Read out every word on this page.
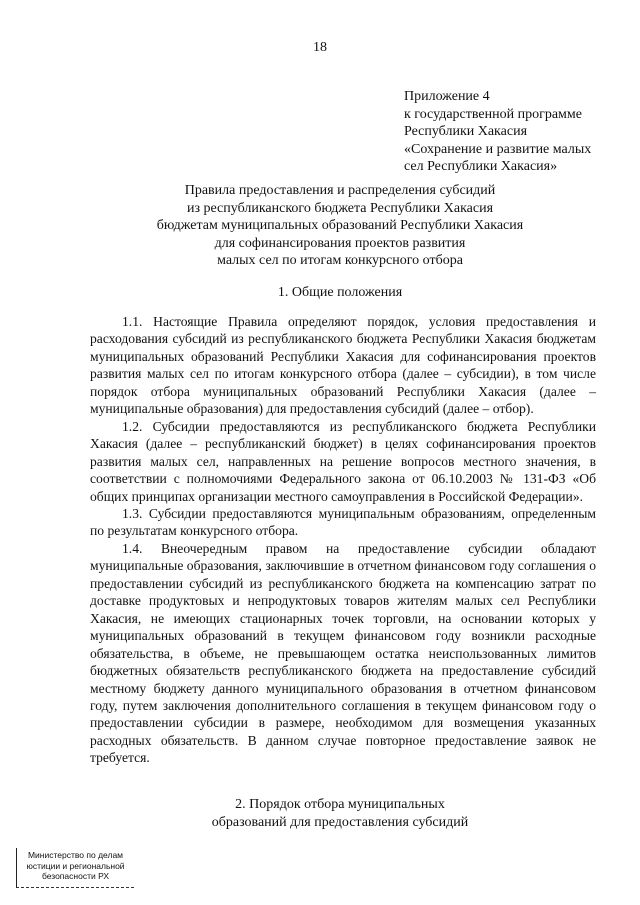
18
Приложение 4
к государственной программе
Республики Хакасия
«Сохранение и развитие малых
сел Республики Хакасия»
Правила предоставления и распределения субсидий
из республиканского бюджета Республики Хакасия
бюджетам муниципальных образований Республики Хакасия
для софинансирования проектов развития
малых сел по итогам конкурсного отбора
1. Общие положения

1.1. Настоящие Правила определяют порядок, условия предоставления и расходования субсидий из республиканского бюджета Республики Хакасия бюджетам муниципальных образований Республики Хакасия для софинансирования проектов развития малых сел по итогам конкурсного отбора (далее – субсидии), в том числе порядок отбора муниципальных образований Республики Хакасия (далее – муниципальные образования) для предоставления субсидий (далее – отбор).

1.2. Субсидии предоставляются из республиканского бюджета Республики Хакасия (далее – республиканский бюджет) в целях софинансирования проектов развития малых сел, направленных на решение вопросов местного значения, в соответствии с полномочиями Федерального закона от 06.10.2003 № 131-ФЗ «Об общих принципах организации местного самоуправления в Российской Федерации».

1.3. Субсидии предоставляются муниципальным образованиям, определенным по результатам конкурсного отбора.

1.4. Внеочередным правом на предоставление субсидии обладают муниципальные образования, заключившие в отчетном финансовом году соглашения о предоставлении субсидий из республиканского бюджета на компенсацию затрат по доставке продуктовых и непродуктовых товаров жителям малых сел Республики Хакасия, не имеющих стационарных точек торговли, на основании которых у муниципальных образований в текущем финансовом году возникли расходные обязательства, в объеме, не превышающем остатка неиспользованных лимитов бюджетных обязательств республиканского бюджета на предоставление субсидий местному бюджету данного муниципального образования в отчетном финансовом году, путем заключения дополнительного соглашения в текущем финансовом году о предоставлении субсидии в размере, необходимом для возмещения указанных расходных обязательств. В данном случае повторное предоставление заявок не требуется.

2. Порядок отбора муниципальных
образований для предоставления субсидий
Министерство по делам
юстиции и региональной
безопасности РХ
